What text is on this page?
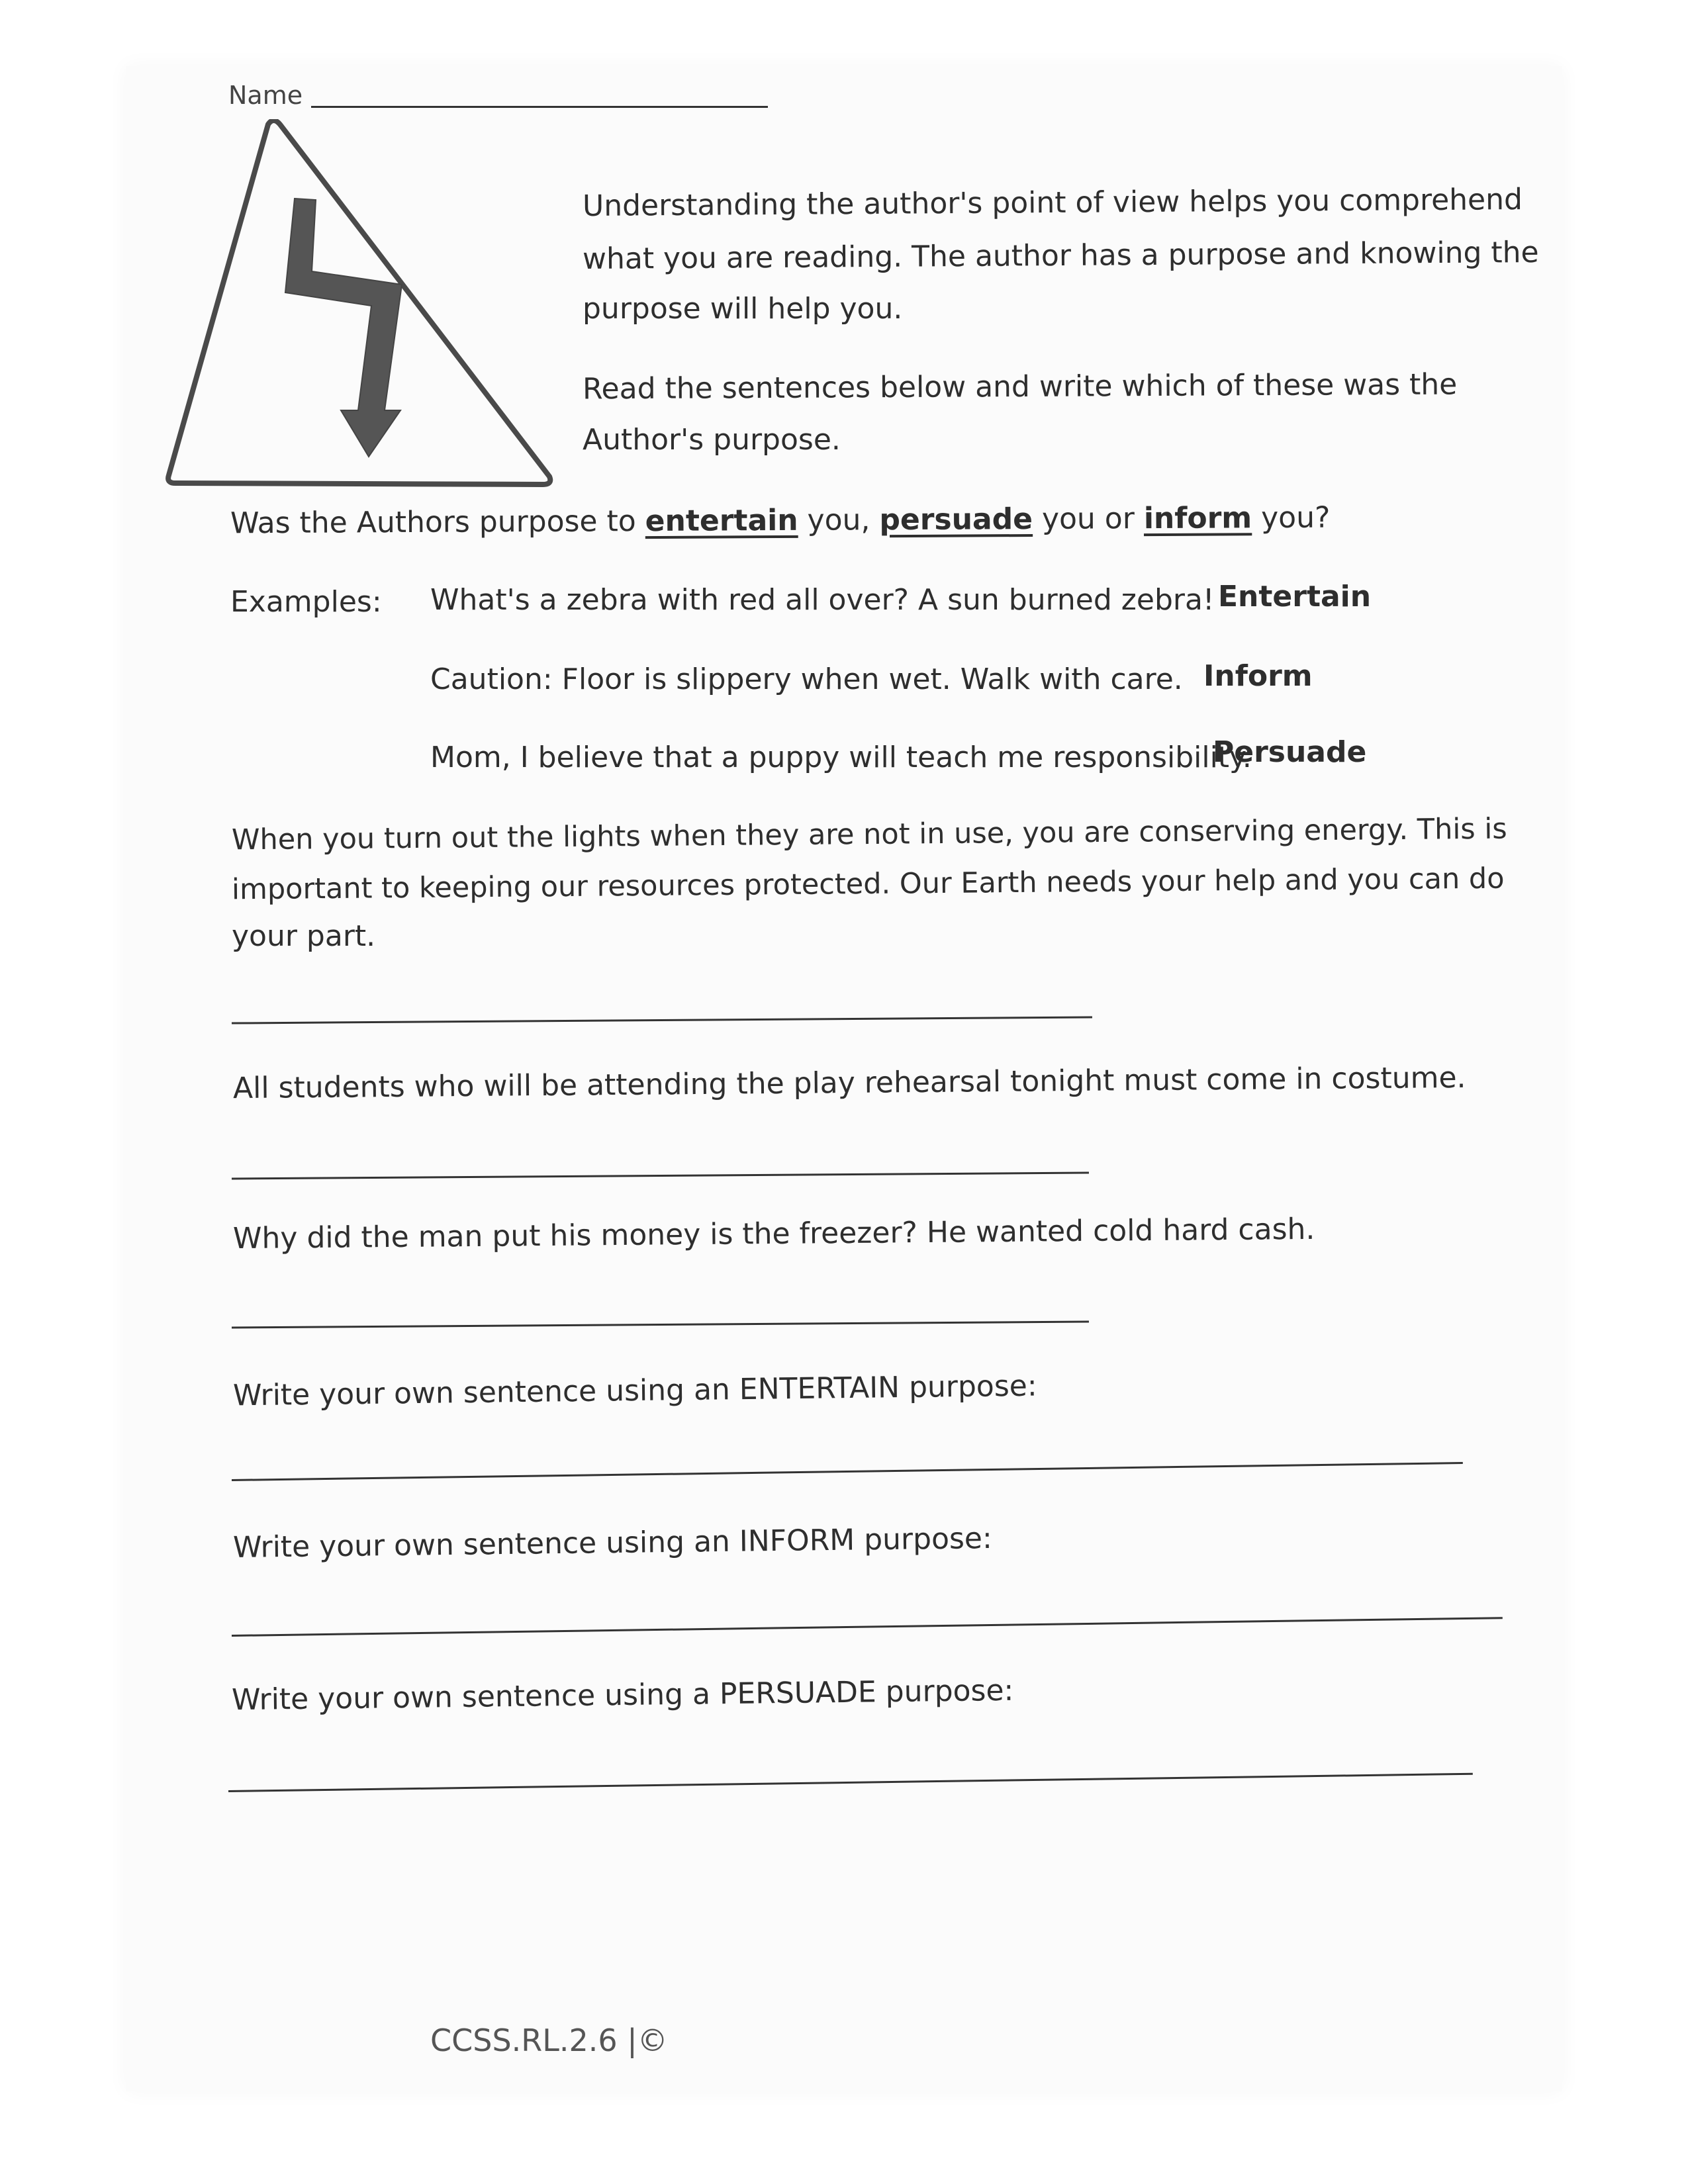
Name
Understanding the author's point of view helps you comprehend
what you are reading. The author has a purpose and knowing the
purpose will help you.
Read the sentences below and write which of these was the
Author's purpose.
Was the Authors purpose to entertain you, persuade you or inform you?
Examples: What's a zebra with red all over? A sun burned zebra! Entertain
Caution: Floor is slippery when wet. Walk with care. Inform
Mom, I believe that a puppy will teach me responsibility.
Persuade
When you turn out the lights when they are not in use, you are conserving energy. This is
important to keeping our resources protected. Our Earth needs your help and you can do
your part.
All students who will be attending the play rehearsal tonight must come in costume.
Why did the man put his money is the freezer? He wanted cold hard cash.
Write your own sentence using an ENTERTAIN purpose:
Write your own sentence using an INFORM purpose:
Write your own sentence using a PERSUADE purpose:
CCSS.RL.2.6 |©
